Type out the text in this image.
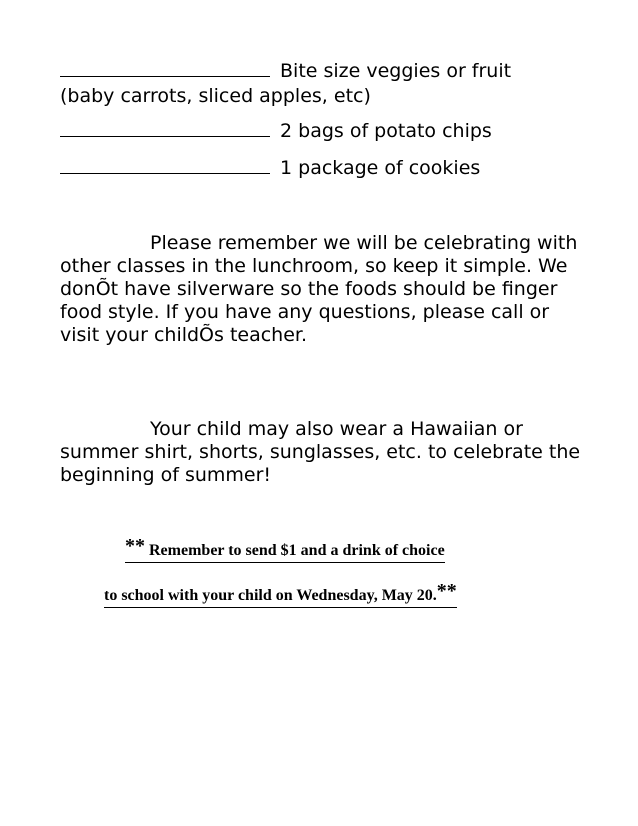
Bite size veggies or fruit
(baby carrots, sliced apples, etc)
2 bags of potato chips
1 package of cookies
Please remember we will be celebrating with other classes in the lunchroom, so keep it simple. We donÕt have silverware so the foods should be finger food style. If you have any questions, please call or visit your childÕs teacher.
Your child may also wear a Hawaiian or summer shirt, shorts, sunglasses, etc. to celebrate the beginning of summer!
** Remember to send $1 and a drink of choice
to school with your child on Wednesday, May 20.**
